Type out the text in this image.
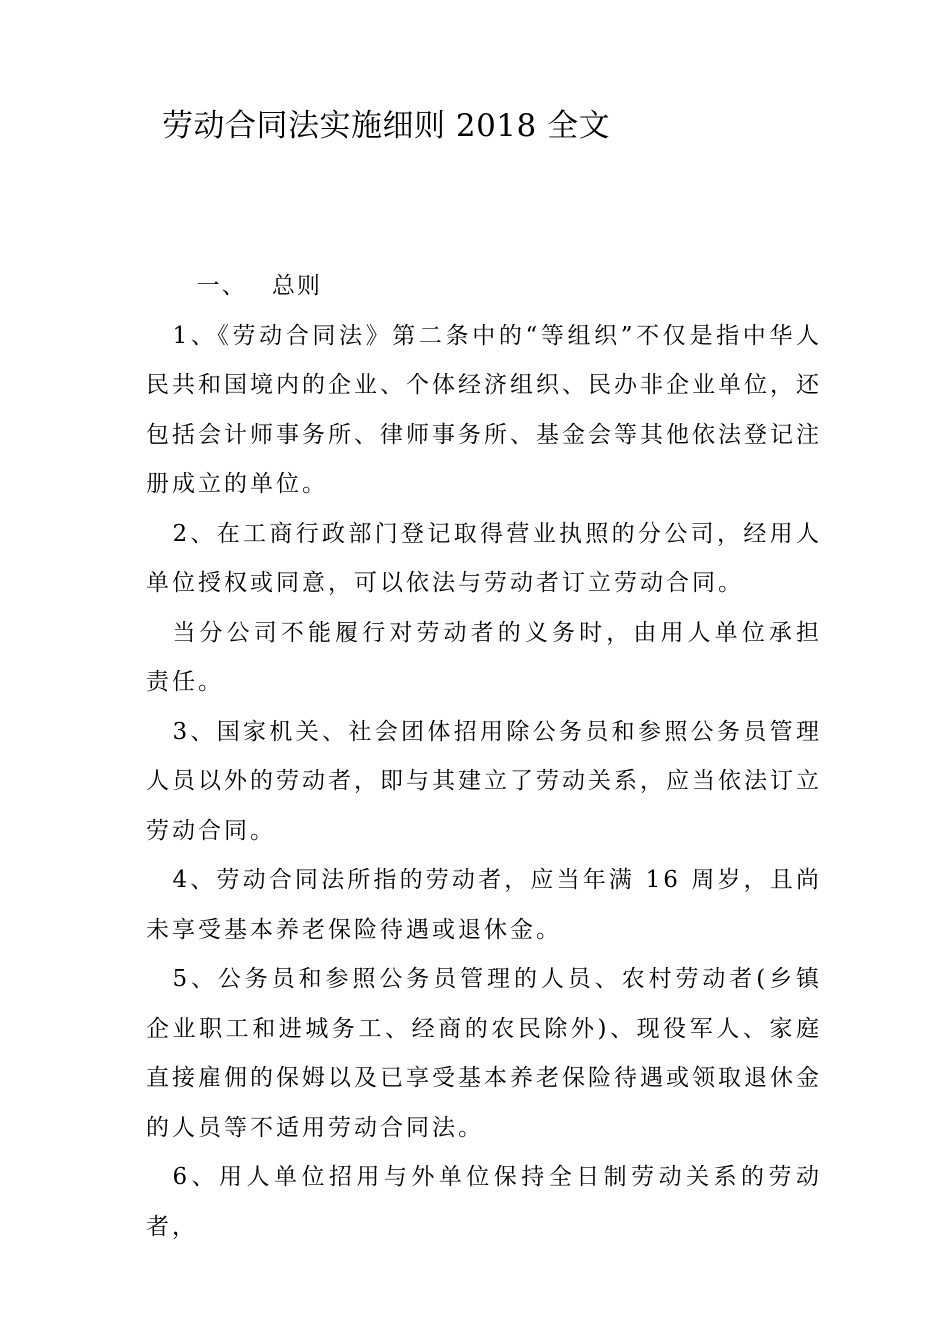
劳动合同法实施细则 2018 全文

一、 总则

1、《劳动合同法》第二条中的“等组织”不仅是指中华人民共和国境内的企业、个体经济组织、民办非企业单位，还包括会计师事务所、律师事务所、基金会等其他依法登记注册成立的单位。

2、在工商行政部门登记取得营业执照的分公司，经用人单位授权或同意，可以依法与劳动者订立劳动合同。

当分公司不能履行对劳动者的义务时，由用人单位承担责任。

3、国家机关、社会团体招用除公务员和参照公务员管理人员以外的劳动者，即与其建立了劳动关系，应当依法订立劳动合同。

4、劳动合同法所指的劳动者，应当年满 16 周岁，且尚未享受基本养老保险待遇或退休金。

5、公务员和参照公务员管理的人员、农村劳动者(乡镇企业职工和进城务工、经商的农民除外)、现役军人、家庭直接雇佣的保姆以及已享受基本养老保险待遇或领取退休金的人员等不适用劳动合同法。

6、用人单位招用与外单位保持全日制劳动关系的劳动者，
